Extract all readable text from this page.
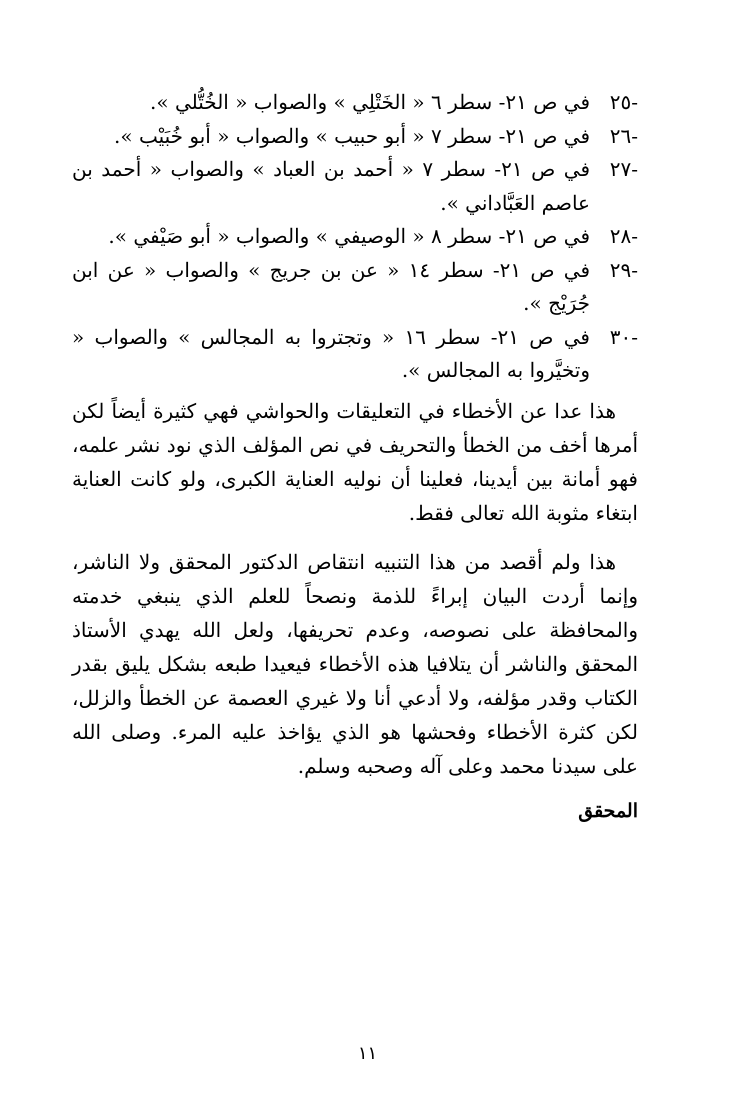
-٢٥
في ص ٢١- سطر ٦ « الخَتْلِي » والصواب « الخُتُّلي ».
-٢٦
في ص ٢١- سطر ٧ « أبو حبيب » والصواب « أبو خُبَيْب ».
-٢٧
في ص ٢١- سطر ٧ « أحمد بن العباد » والصواب « أحمد بن عاصم العَبَّاداني ».
-٢٨
في ص ٢١- سطر ٨ « الوصيفي » والصواب « أبو صَيْفي ».
-٢٩
في ص ٢١- سطر ١٤ « عن بن جريج » والصواب « عن ابن جُرَيْج ».
-٣٠
في ص ٢١- سطر ١٦ « وتجتروا به المجالس » والصواب « وتخيَّروا به المجالس ».

هذا عدا عن الأخطاء في التعليقات والحواشي فهي كثيرة أيضاً لكن أمرها أخف من الخطأ والتحريف في نص المؤلف الذي نود نشر علمه، فهو أمانة بين أيدينا، فعلينا أن نوليه العناية الكبرى، ولو كانت العناية ابتغاء مثوبة الله تعالى فقط.

هذا ولم أقصد من هذا التنبيه انتقاص الدكتور المحقق ولا الناشر، وإنما أردت البيان إبراءً للذمة ونصحاً للعلم الذي ينبغي خدمته والمحافظة على نصوصه، وعدم تحريفها، ولعل الله يهدي الأستاذ المحقق والناشر أن يتلافيا هذه الأخطاء فيعيدا طبعه بشكل يليق بقدر الكتاب وقدر مؤلفه، ولا أدعي أنا ولا غيري العصمة عن الخطأ والزلل، لكن كثرة الأخطاء وفحشها هو الذي يؤاخذ عليه المرء. وصلى الله على سيدنا محمد وعلى آله وصحبه وسلم.

المحقق

١١
